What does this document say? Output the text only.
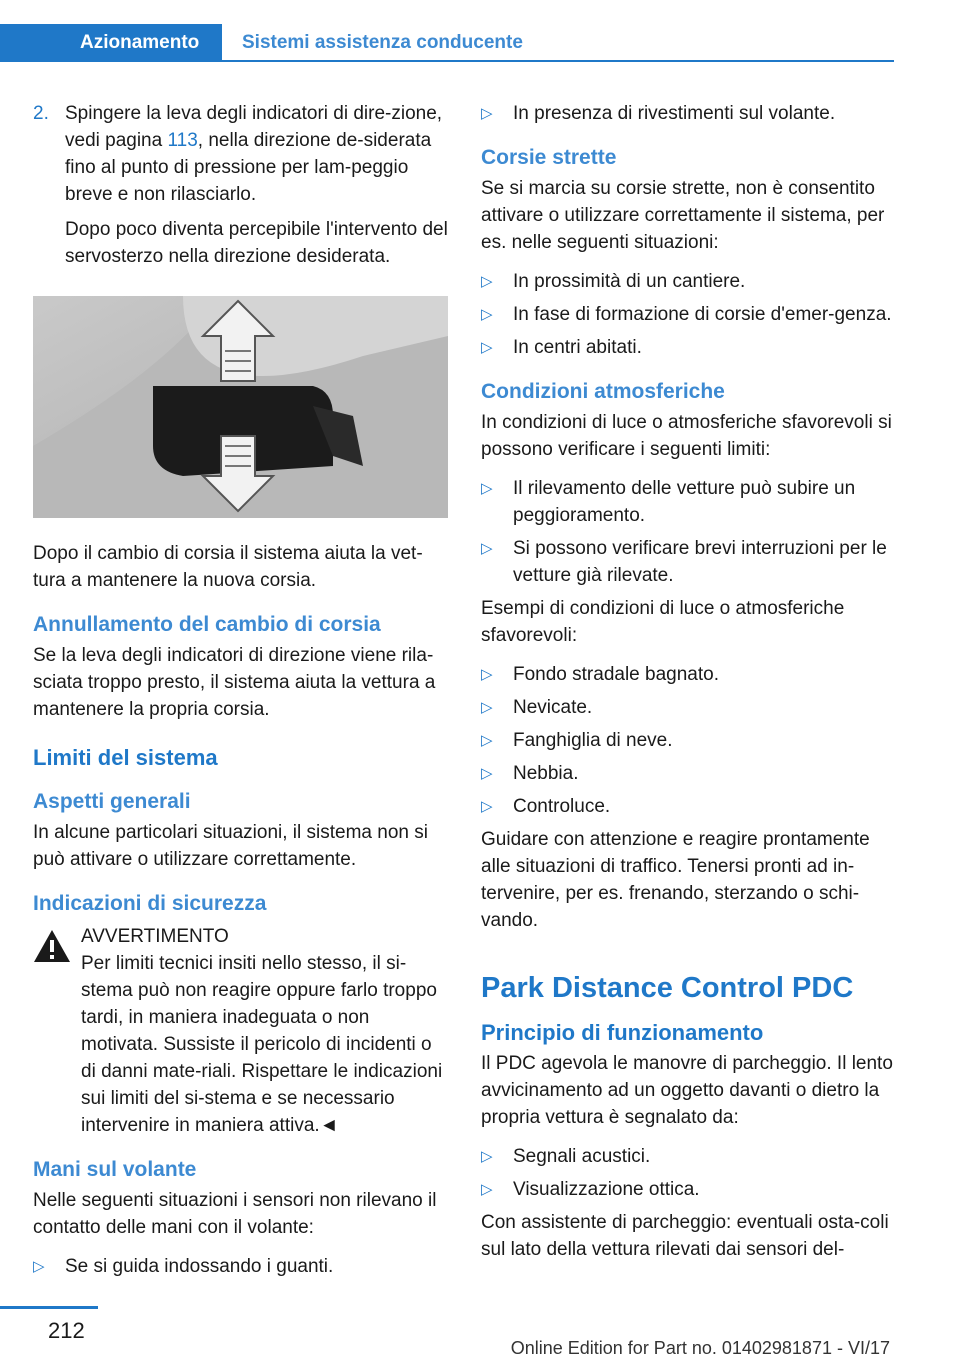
Azionamento	Sistemi assistenza conducente
2. Spingere la leva degli indicatori di dire-zione, vedi pagina 113, nella direzione de-siderata fino al punto di pressione per lam-peggio breve e non rilasciarlo.

Dopo poco diventa percepibile l'intervento del servosterzo nella direzione desiderata.

Dopo il cambio di corsia il sistema aiuta la vet-tura a mantenere la nuova corsia.

Annullamento del cambio di corsia

Se la leva degli indicatori di direzione viene rila-sciata troppo presto, il sistema aiuta la vettura a mantenere la propria corsia.

Limiti del sistema
Aspetti generali

In alcune particolari situazioni, il sistema non si può attivare o utilizzare correttamente.

Indicazioni di sicurezza
AVVERTIMENTO
Per limiti tecnici insiti nello stesso, il si-stema può non reagire oppure farlo troppo tardi, in maniera inadeguata o non motivata. Sussiste il pericolo di incidenti o di danni mate-riali. Rispettare le indicazioni sui limiti del si-stema e se necessario intervenire in maniera attiva.◄
Mani sul volante

Nelle seguenti situazioni i sensori non rilevano il contatto delle mani con il volante:

▷	Se si guida indossando i guanti.
▷	In presenza di rivestimenti sul volante.
Corsie strette

Se si marcia su corsie strette, non è consentito attivare o utilizzare correttamente il sistema, per es. nelle seguenti situazioni:

▷	In prossimità di un cantiere.
▷	In fase di formazione di corsie d'emer-genza.
▷	In centri abitati.
Condizioni atmosferiche

In condizioni di luce o atmosferiche sfavorevoli si possono verificare i seguenti limiti:

▷	Il rilevamento delle vetture può subire un peggioramento.
▷	Si possono verificare brevi interruzioni per le vetture già rilevate.

Esempi di condizioni di luce o atmosferiche sfavorevoli:

▷	Fondo stradale bagnato.
▷	Nevicate.
▷	Fanghiglia di neve.
▷	Nebbia.
▷	Controluce.

Guidare con attenzione e reagire prontamente alle situazioni di traffico. Tenersi pronti ad in-tervenire, per es. frenando, sterzando o schi-vando.

Park Distance Control PDC
Principio di funzionamento

Il PDC agevola le manovre di parcheggio. Il lento avvicinamento ad un oggetto davanti o dietro la propria vettura è segnalato da:

▷	Segnali acustici.
▷	Visualizzazione ottica.

Con assistente di parcheggio: eventuali osta-coli sul lato della vettura rilevati dai sensori del-

212
Online Edition for Part no. 01402981871 - VI/17
